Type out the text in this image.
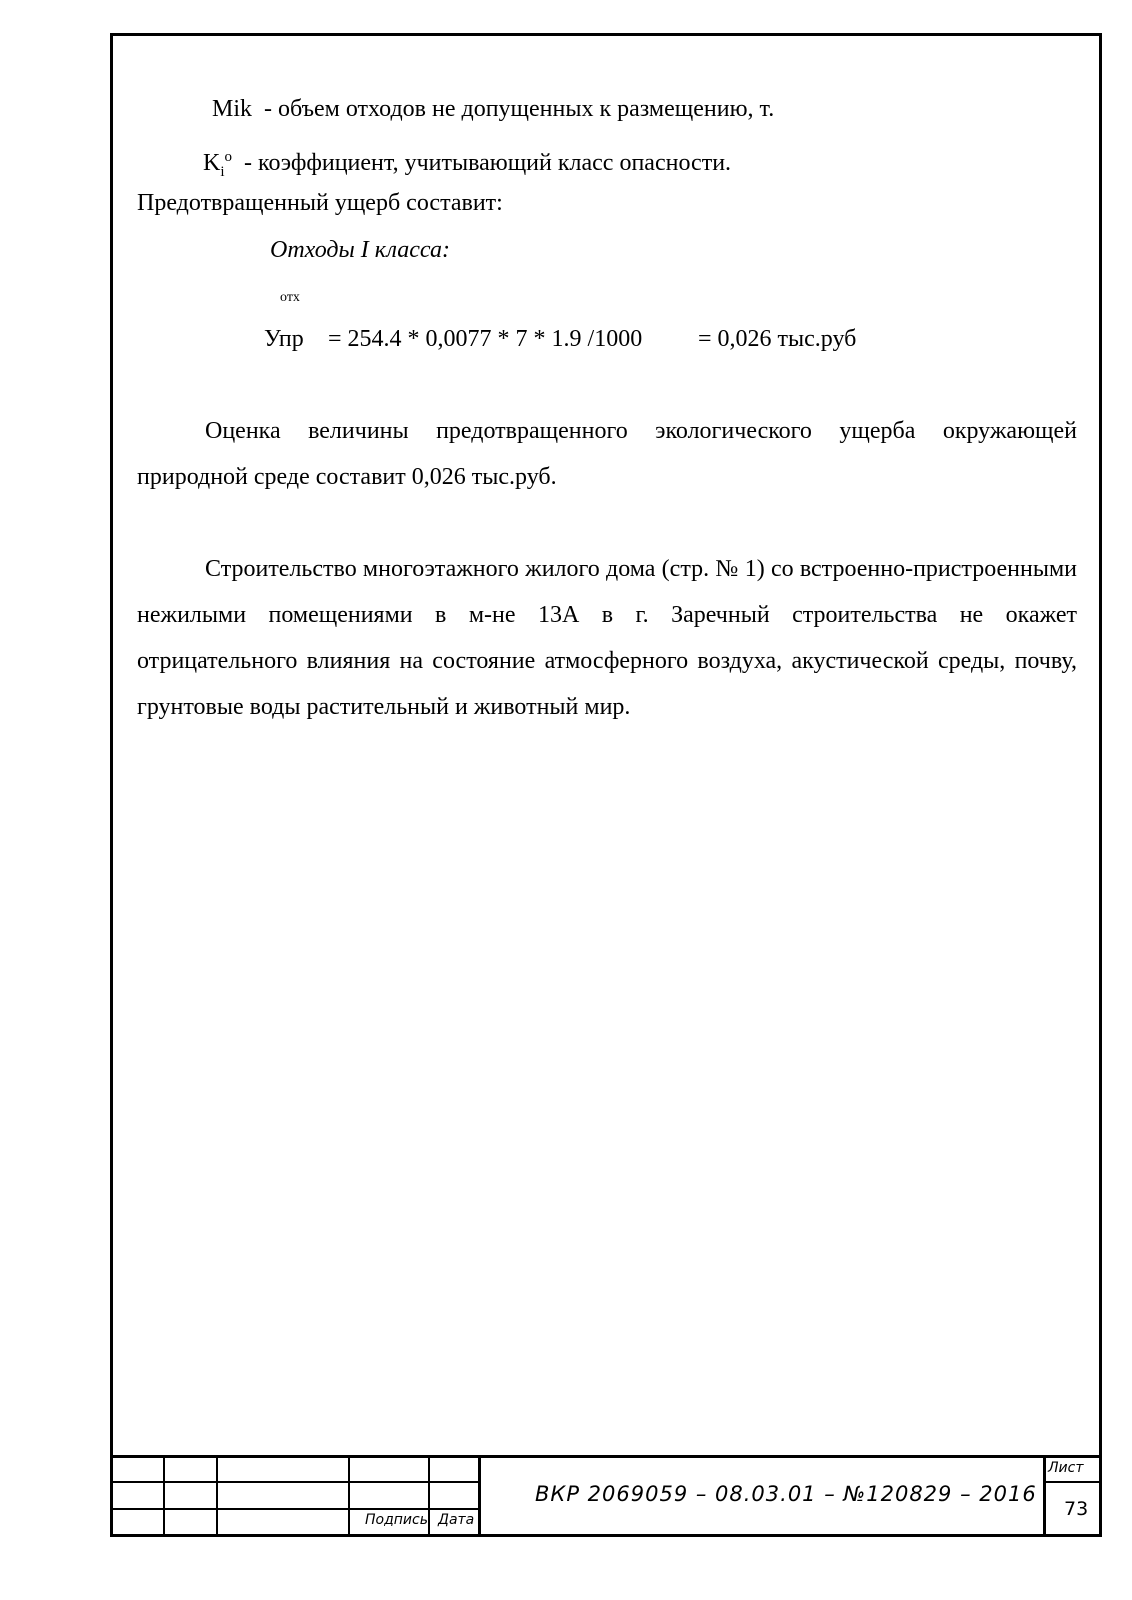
Mik - объем отходов не допущенных к размещению, т.
$K_i^o$ - коэффициент, учитывающий класс опасности.
Предотвращенный ущерб составит:
Отходы I класса:
отх
Упр = 254.4 * 0,0077 * 7 * 1.9 /1000 = 0,026 тыс.руб
Оценка величины предотвращенного экологического ущерба окружающей природной среде составит 0,026 тыс.руб.
Строительство многоэтажного жилого дома (стр. № 1) со встроенно-пристроенными нежилыми помещениями в м-не 13А в г. Заречный строительства не окажет отрицательного влияния на состояние атмосферного воздуха, акустической среды, почву, грунтовые воды растительный и животный мир.
Подпись Дата
ВКР 2069059 – 08.03.01 – №120829 – 2016
Лист
73
